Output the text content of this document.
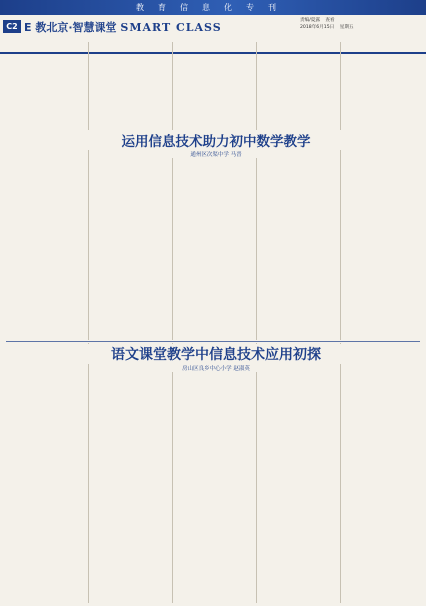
教育信息化专刊
C2 E 教北京·智慧课堂 SMART CLASS
责编/夏露 查看
2018年6月15日 星期五
运用信息技术助力初中数学教学
通州区次渠中学 马晋
语文课堂教学中信息技术应用初探
房山区良乡中心小学 赵淑英
